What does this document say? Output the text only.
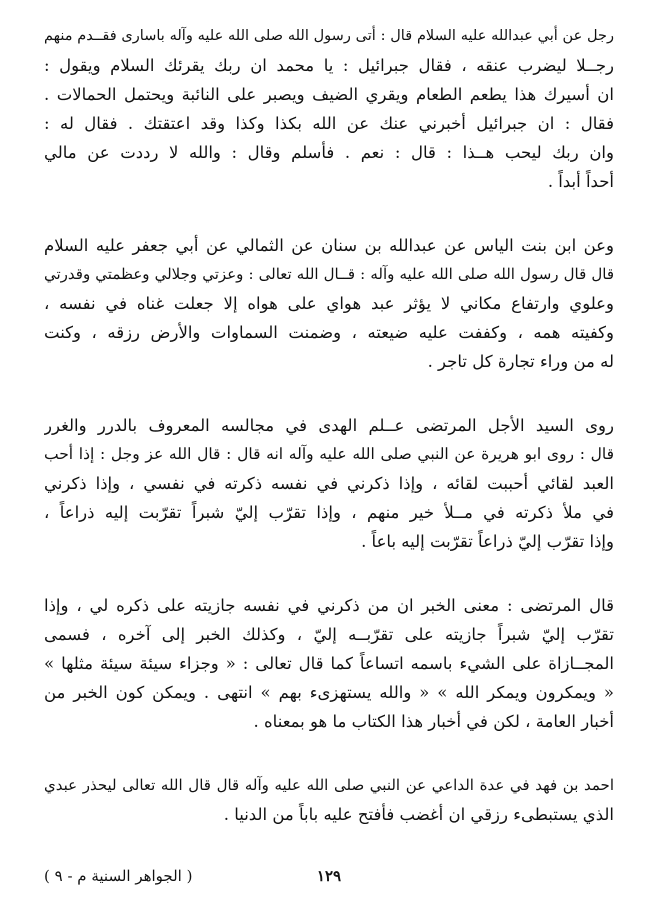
رجل عن أبي عبدالله عليه السلام قال : أتى رسول الله صلى الله عليه وآله باسارى فقــدم منهم
رجــلا ليضرب عنقه ، فقال جبرائيل : يا محمد ان ربك يقرئك السلام ويقول :
ان أسيرك هذا يطعم الطعام ويقري الضيف ويصبر على النائبة ويحتمل الحمالات .
فقال : ان جبرائيل أخبرني عنك عن الله بكذا وكذا وقد اعتقتك . فقال له :
وان ربك ليحب هــذا : قال : نعم . فأسلم وقال : والله لا رددت عن مالي
أحداً أبداً .
وعن ابن بنت الياس عن عبدالله بن سنان عن الثمالي عن أبي جعفر عليه السلام
قال قال رسول الله صلى الله عليه وآله : قــال الله تعالى : وعزتي وجلالي وعظمتي وقدرتي
وعلوي وارتفاع مكاني لا يؤثر عبد هواي على هواه إلا جعلت غناه في نفسه ،
وكفيته همه ، وكففت عليه ضيعته ، وضمنت السماوات والأرض رزقه ، وكنت
له من وراء تجارة كل تاجر .
روى السيد الأجل المرتضى عــلم الهدى في مجالسه المعروف بالدرر والغرر
قال : روى ابو هريرة عن النبي صلى الله عليه وآله انه قال : قال الله عز وجل : إذا أحب
العبد لقائي أحببت لقائه ، وإذا ذكرني في نفسه ذكرته في نفسي ، وإذا ذكرني
في ملأ ذكرته في مــلأ خير منهم ، وإذا تقرّب إليّ شبراً تقرّبت إليه ذراعاً ،
وإذا تقرّب إليّ ذراعاً تقرّبت إليه باعاً .
قال المرتضى : معنى الخبر ان من ذكرني في نفسه جازيته على ذكره لي ، وإذا
تقرّب إليّ شبراً جازيته على تقرّبــه إليّ ، وكذلك الخبر إلى آخره ، فسمى
المجــازاة على الشيء باسمه اتساعاً كما قال تعالى : « وجزاء سيئة سيئة مثلها »
« ويمكرون ويمكر الله » « والله يستهزىء بهم » انتهى . ويمكن كون الخبر من
أخبار العامة ، لكن في أخبار هذا الكتاب ما هو بمعناه .
احمد بن فهد في عدة الداعي عن النبي صلى الله عليه وآله قال قال الله تعالى ليحذر عبدي
الذي يستبطىء رزقي ان أغضب فأفتح عليه باباً من الدنيا .
١٢٩
( الجواهر السنية م - ٩ )
